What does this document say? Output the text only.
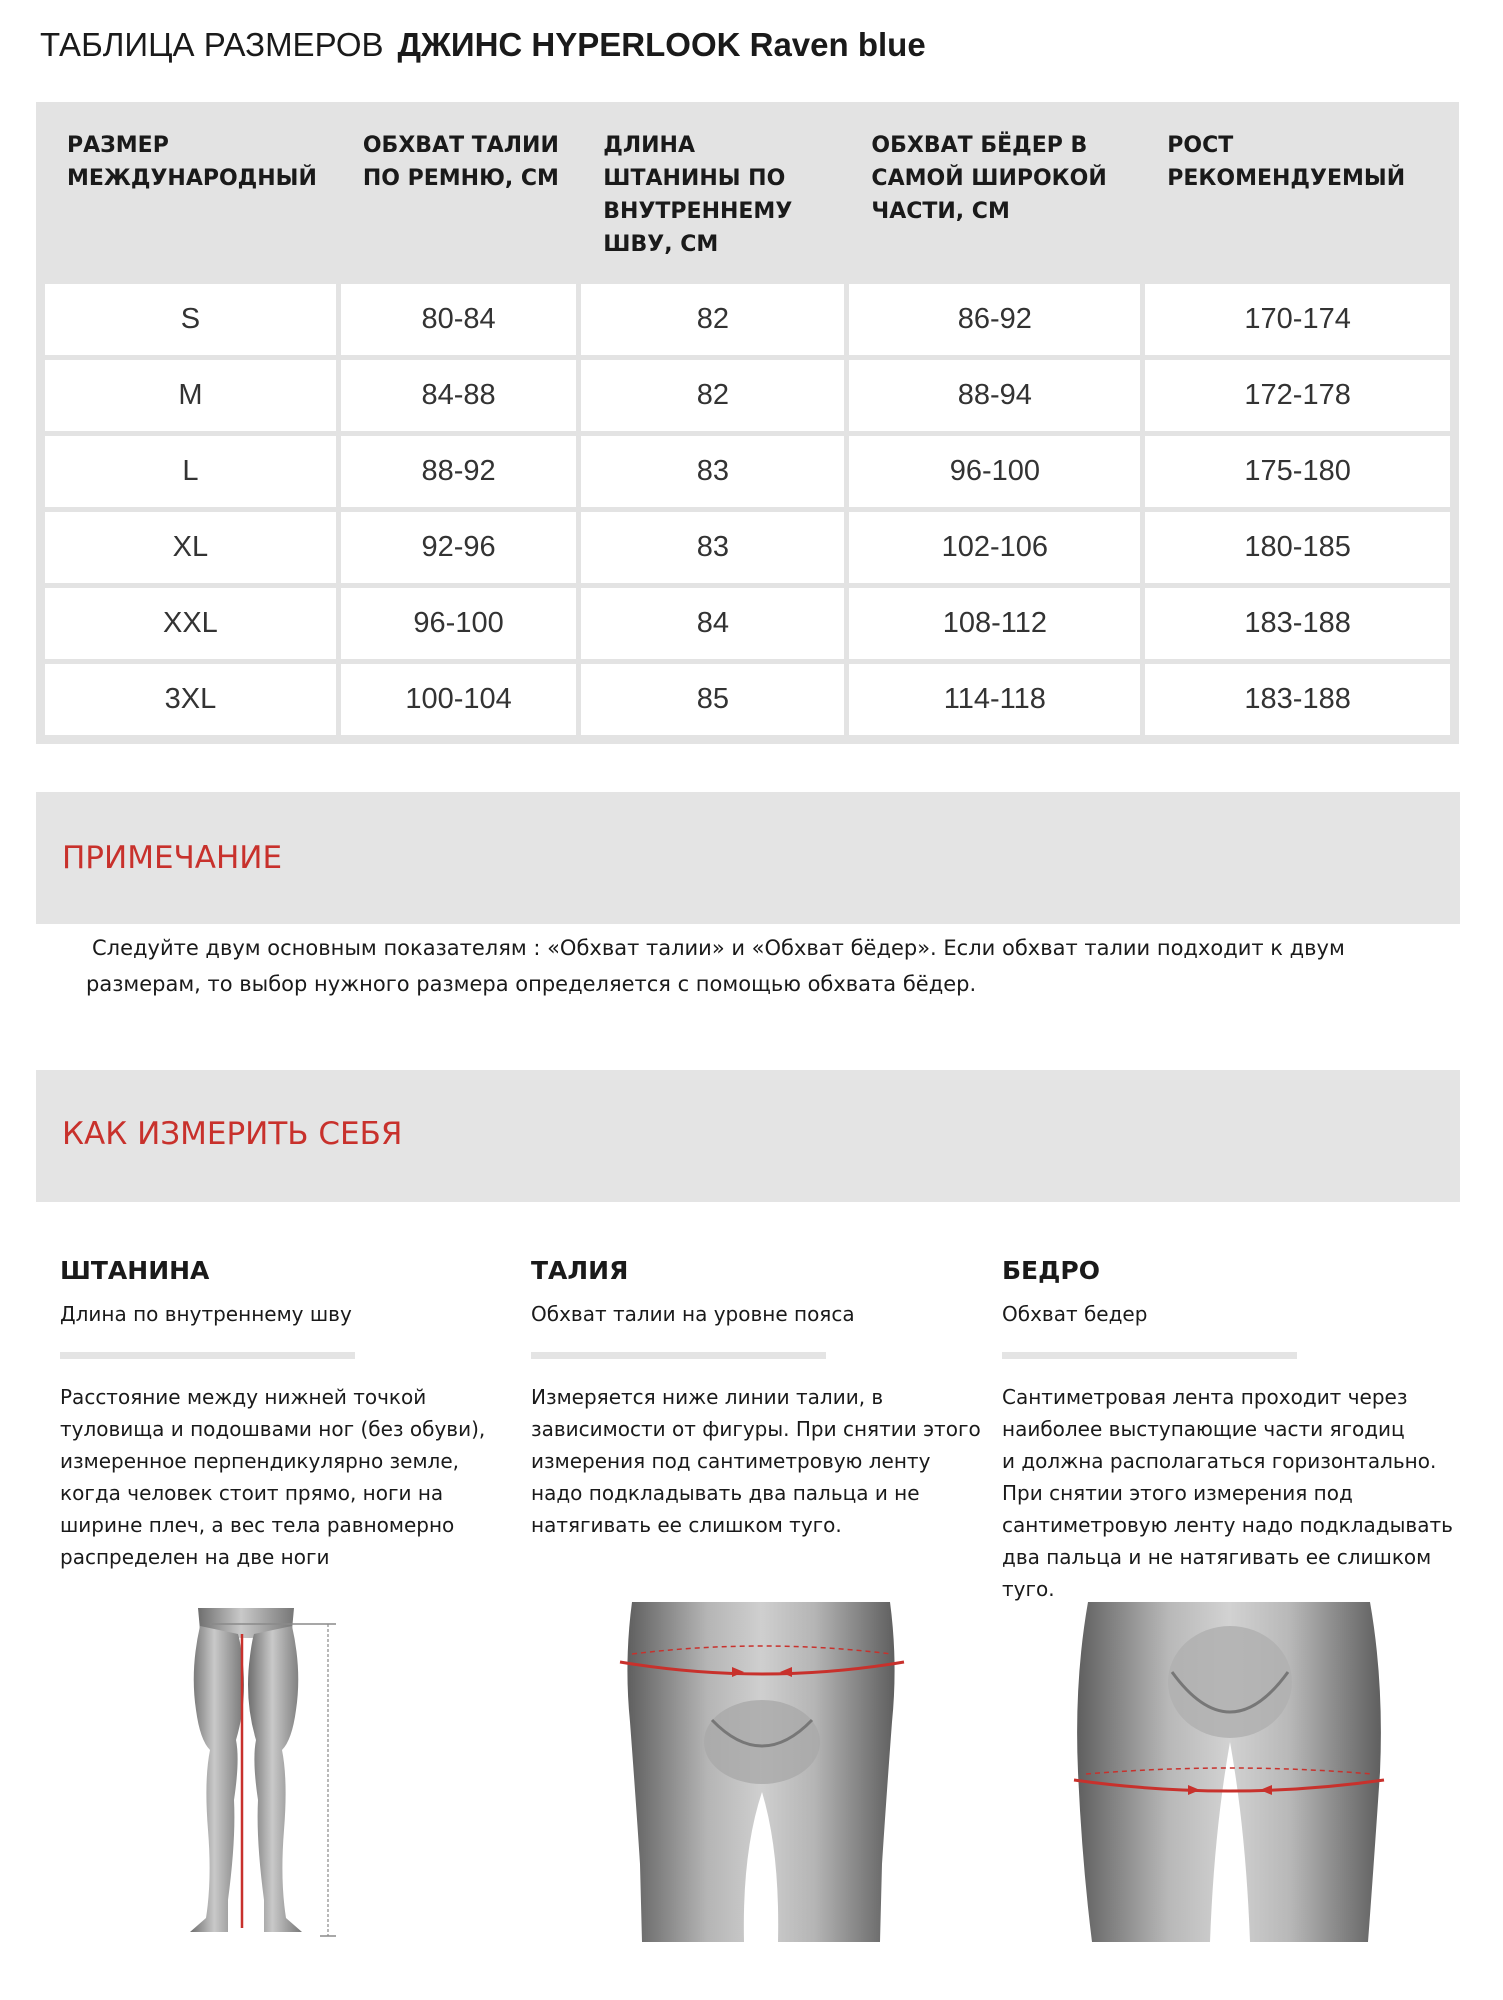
ТАБЛИЦА РАЗМЕРОВ ДЖИНС HYPERLOOK Raven blue
РАЗМЕР МЕЖДУНАРОДНЫЙ	ОБХВАТ ТАЛИИ ПО РЕМНЮ, СМ	ДЛИНА ШТАНИНЫ ПО ВНУТРЕННЕМУ ШВУ, СМ	ОБХВАТ БЁДЕР В САМОЙ ШИРОКОЙ ЧАСТИ, СМ	РОСТ РЕКОМЕНДУЕМЫЙ
S	80-84	82	86-92	170-174
M	84-88	82	88-94	172-178
L	88-92	83	96-100	175-180
XL	92-96	83	102-106	180-185
XXL	96-100	84	108-112	183-188
3XL	100-104	85	114-118	183-188
ПРИМЕЧАНИЕ
Следуйте двум основным показателям : «Обхват талии» и «Обхват бёдер». Если обхват талии подходит к двум
размерам, то выбор нужного размера определяется с помощью обхвата бёдер.
КАК ИЗМЕРИТЬ СЕБЯ
ШТАНИНА
Длина по внутреннему шву
Расстояние между нижней точкой
туловища и подошвами ног (без обуви),
измеренное перпендикулярно земле,
когда человек стоит прямо, ноги на
ширине плеч, а вес тела равномерно
распределен на две ноги
ТАЛИЯ
Обхват талии на уровне пояса
Измеряется ниже линии талии, в
зависимости от фигуры. При снятии этого
измерения под сантиметровую ленту
надо подкладывать два пальца и не
натягивать ее слишком туго.
БЕДРО
Обхват бедер
Сантиметровая лента проходит через
наиболее выступающие части ягодиц
и должна располагаться горизонтально.
При снятии этого измерения под
сантиметровую ленту надо подкладывать
два пальца и не натягивать ее слишком
туго.
